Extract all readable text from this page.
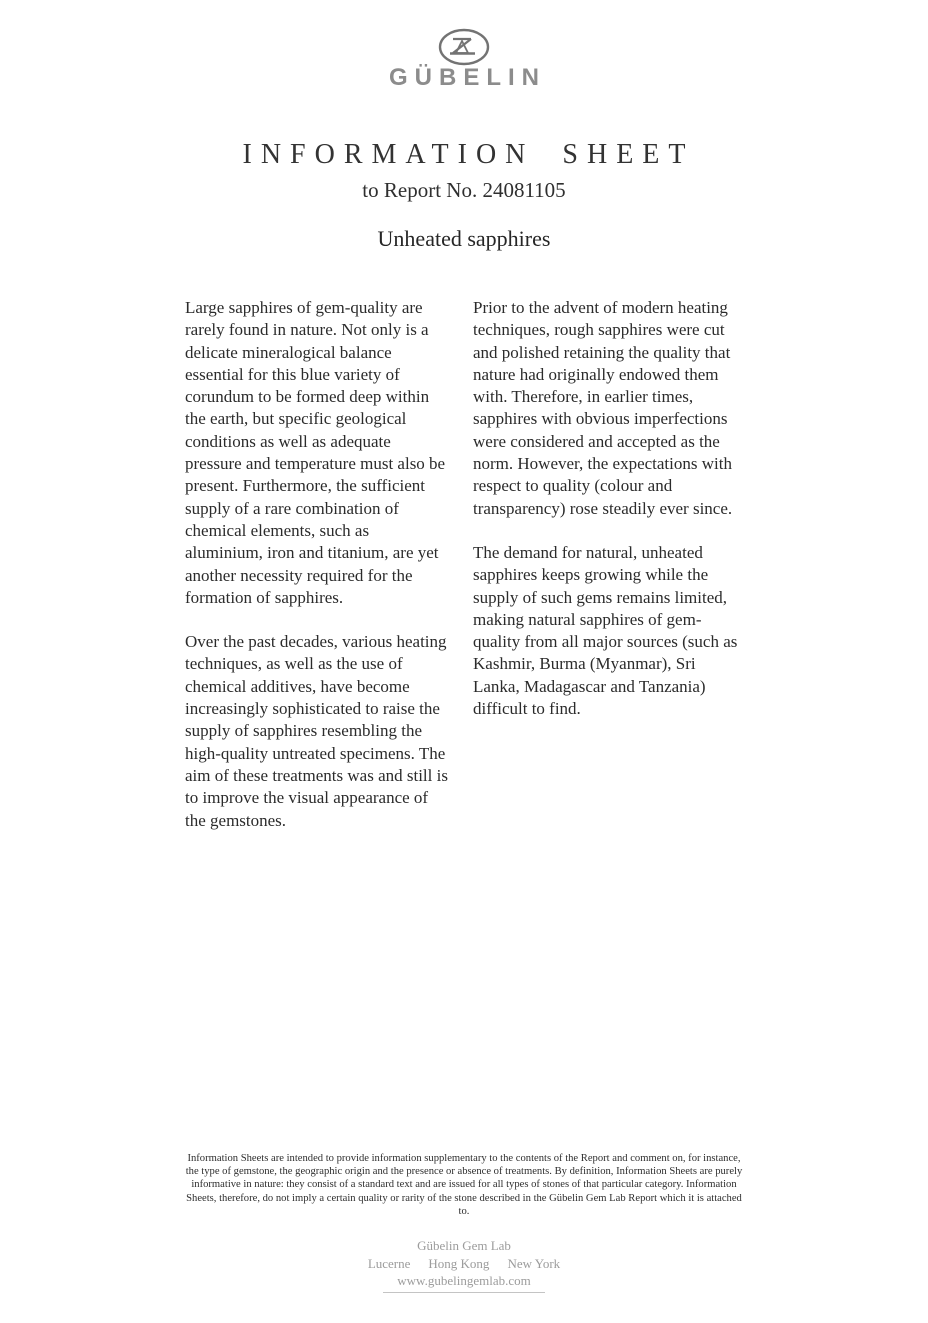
GÜBELIN
INFORMATION SHEET
to Report No. 24081105
Unheated sapphires

Large sapphires of gem-quality are rarely found in nature. Not only is a delicate mineralogical balance essential for this blue variety of corundum to be formed deep within the earth, but specific geological conditions as well as adequate pressure and temperature must also be present. Furthermore, the sufficient supply of a rare combination of chemical elements, such as aluminium, iron and titanium, are yet another necessity required for the formation of sapphires.

Over the past decades, various heating techniques, as well as the use of chemical additives, have become increasingly sophisticated to raise the supply of sapphires resembling the high-quality untreated specimens. The aim of these treatments was and still is to improve the visual appearance of the gemstones.

Prior to the advent of modern heating techniques, rough sapphires were cut and polished retaining the quality that nature had originally endowed them with. Therefore, in earlier times, sapphires with obvious imperfections were considered and accepted as the norm. However, the expectations with respect to quality (colour and transparency) rose steadily ever since.

The demand for natural, unheated sapphires keeps growing while the supply of such gems remains limited, making natural sapphires of gem-quality from all major sources (such as Kashmir, Burma (Myanmar), Sri Lanka, Madagascar and Tanzania) difficult to find.

Information Sheets are intended to provide information supplementary to the contents of the Report and comment on, for instance, the type of gemstone, the geographic origin and the presence or absence of treatments. By definition, Information Sheets are purely informative in nature: they consist of a standard text and are issued for all types of stones of that particular category. Information Sheets, therefore, do not imply a certain quality or rarity of the stone described in the Gübelin Gem Lab Report which it is attached to.
Gübelin Gem Lab
Lucerne Hong Kong New York
www.gubelingemlab.com
